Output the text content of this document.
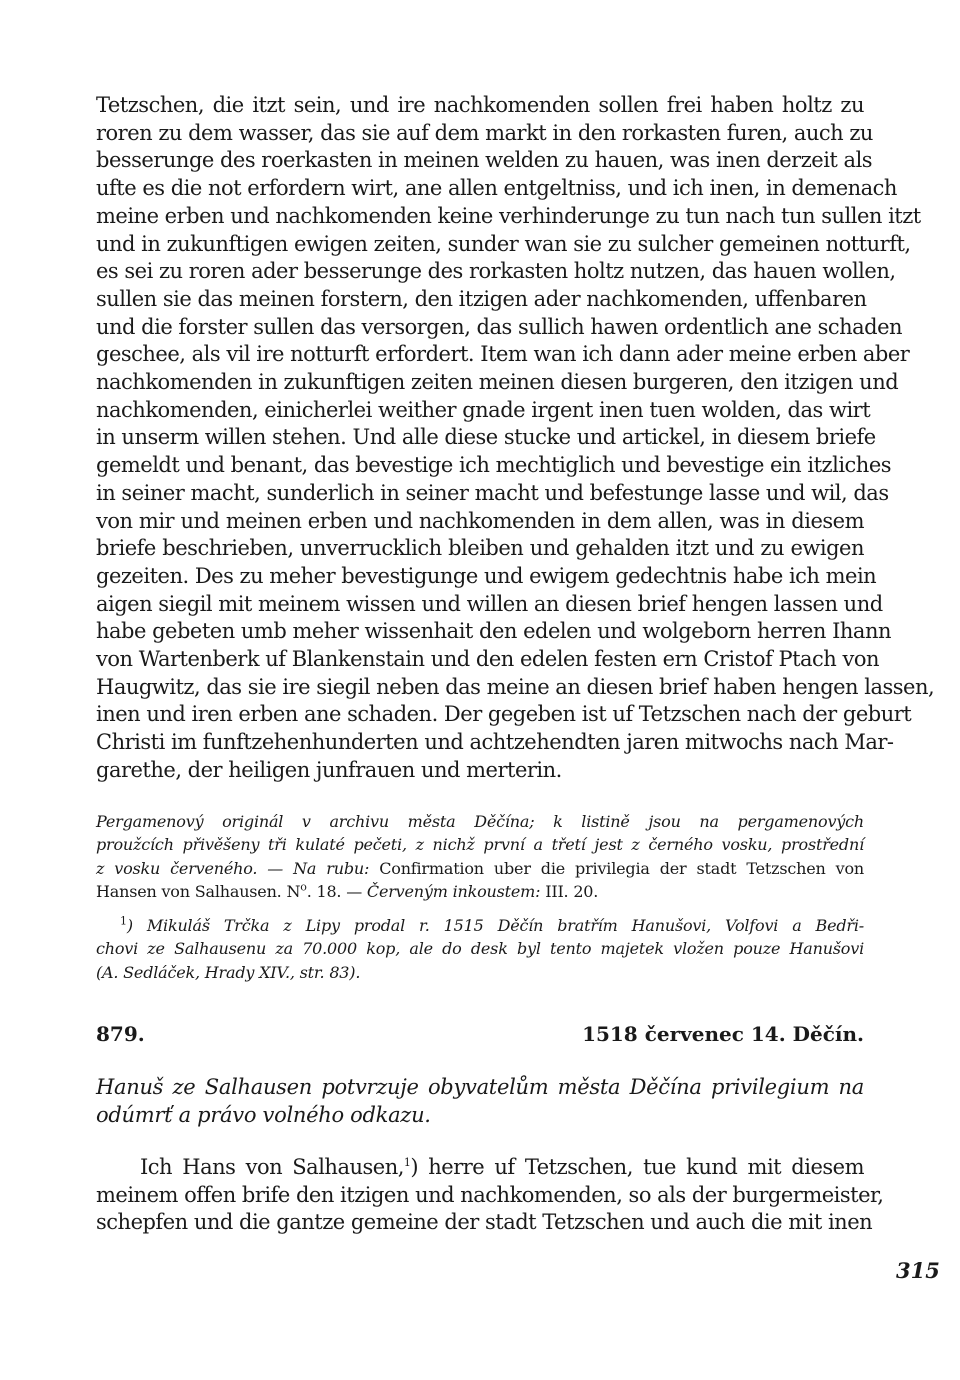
Tetzschen, die itzt sein, und ire nachkomenden sollen frei haben holtz zu
roren zu dem wasser, das sie auf dem markt in den rorkasten furen, auch zu
besserunge des roerkasten in meinen welden zu hauen, was inen derzeit als
ufte es die not erfordern wirt, ane allen entgeltniss, und ich inen, in demenach
meine erben und nachkomenden keine verhinderunge zu tun nach tun sullen itzt
und in zukunftigen ewigen zeiten, sunder wan sie zu sulcher gemeinen notturft,
es sei zu roren ader besserunge des rorkasten holtz nutzen, das hauen wollen,
sullen sie das meinen forstern, den itzigen ader nachkomenden, uffenbaren
und die forster sullen das versorgen, das sullich hawen ordentlich ane schaden
geschee, als vil ire notturft erfordert. Item wan ich dann ader meine erben aber
nachkomenden in zukunftigen zeiten meinen diesen burgeren, den itzigen und
nachkomenden, einicherlei weither gnade irgent inen tuen wolden, das wirt
in unserm willen stehen. Und alle diese stucke und artickel, in diesem briefe
gemeldt und benant, das bevestige ich mechtiglich und bevestige ein itzliches
in seiner macht, sunderlich in seiner macht und befestunge lasse und wil, das
von mir und meinen erben und nachkomenden in dem allen, was in diesem
briefe beschrieben, unverrucklich bleiben und gehalden itzt und zu ewigen
gezeiten. Des zu meher bevestigunge und ewigem gedechtnis habe ich mein
aigen siegil mit meinem wissen und willen an diesen brief hengen lassen und
habe gebeten umb meher wissenhait den edelen und wolgeborn herren Ihann
von Wartenberk uf Blankenstain und den edelen festen ern Cristof Ptach von
Haugwitz, das sie ire siegil neben das meine an diesen brief haben hengen lassen,
inen und iren erben ane schaden. Der gegeben ist uf Tetzschen nach der geburt
Christi im funftzehenhunderten und achtzehendten jaren mitwochs nach Mar-
garethe, der heiligen junfrauen und merterin.
Pergamenový originál v archivu města Děčína; k listině jsou na pergamenových
proužcích přivěšeny tři kulaté pečeti, z nichž první a třetí jest z černého vosku, prostřední
z vosku červeného. — Na rubu: Confirmation uber die privilegia der stadt Tetzschen von
Hansen von Salhausen. $N^o$. 18. — Červeným inkoustem: III. 20.
$^1$) Mikuláš Trčka z Lipy prodal r. 1515 Děčín bratřím Hanušovi, Volfovi a Bedři-
chovi ze Salhausenu za 70.000 kop, ale do desk byl tento majetek vložen pouze Hanušovi
(A. Sedláček, Hrady XIV., str. 83).
879.	1518 červenec 14. Děčín.
Hanuš ze Salhausen potvrzuje obyvatelům města Děčína privilegium na
odúmrť a právo volného odkazu.
Ich Hans von Salhausen,$^1$) herre uf Tetzschen, tue kund mit diesem
meinem offen brife den itzigen und nachkomenden, so als der burgermeister,
schepfen und die gantze gemeine der stadt Tetzschen und auch die mit inen
315
